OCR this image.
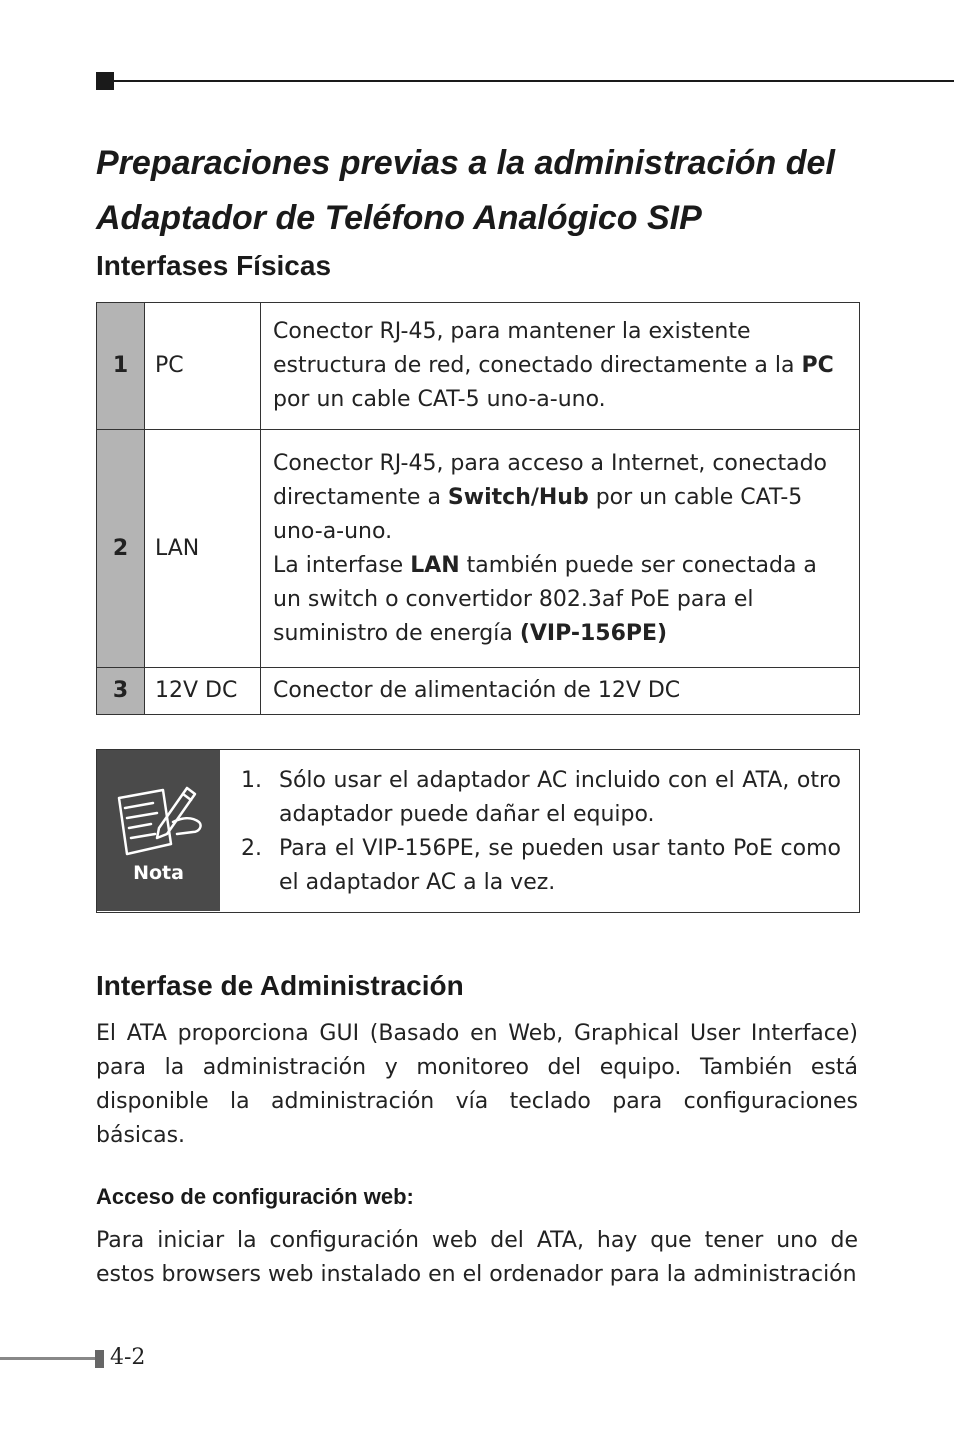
Preparaciones previas a la administración del Adaptador de Teléfono Analógico SIP
Interfases Físicas
1	PC	Conector RJ-45, para mantener la existente estructura de red, conectado directamente a la PC por un cable CAT-5 uno-a-uno.
2	LAN	Conector RJ-45, para acceso a Internet, conectado directamente a Switch/Hub por un cable CAT-5 uno-a-uno.
La interfase LAN también puede ser conectada a un switch o convertidor 802.3af PoE para el suministro de energía (VIP-156PE)
3	12V DC	Conector de alimentación de 12V DC
Nota
1. Sólo usar el adaptador AC incluido con el ATA, otro adaptador puede dañar el equipo.
2. Para el VIP-156PE, se pueden usar tanto PoE como el adaptador AC a la vez.
Interfase de Administración

El ATA proporciona GUI (Basado en Web, Graphical User Interface) para la administración y monitoreo del equipo. También está disponible la administración vía teclado para configuraciones básicas.

Acceso de configuración web:

Para iniciar la configuración web del ATA, hay que tener uno de estos browsers web instalado en el ordenador para la administración

4-2
